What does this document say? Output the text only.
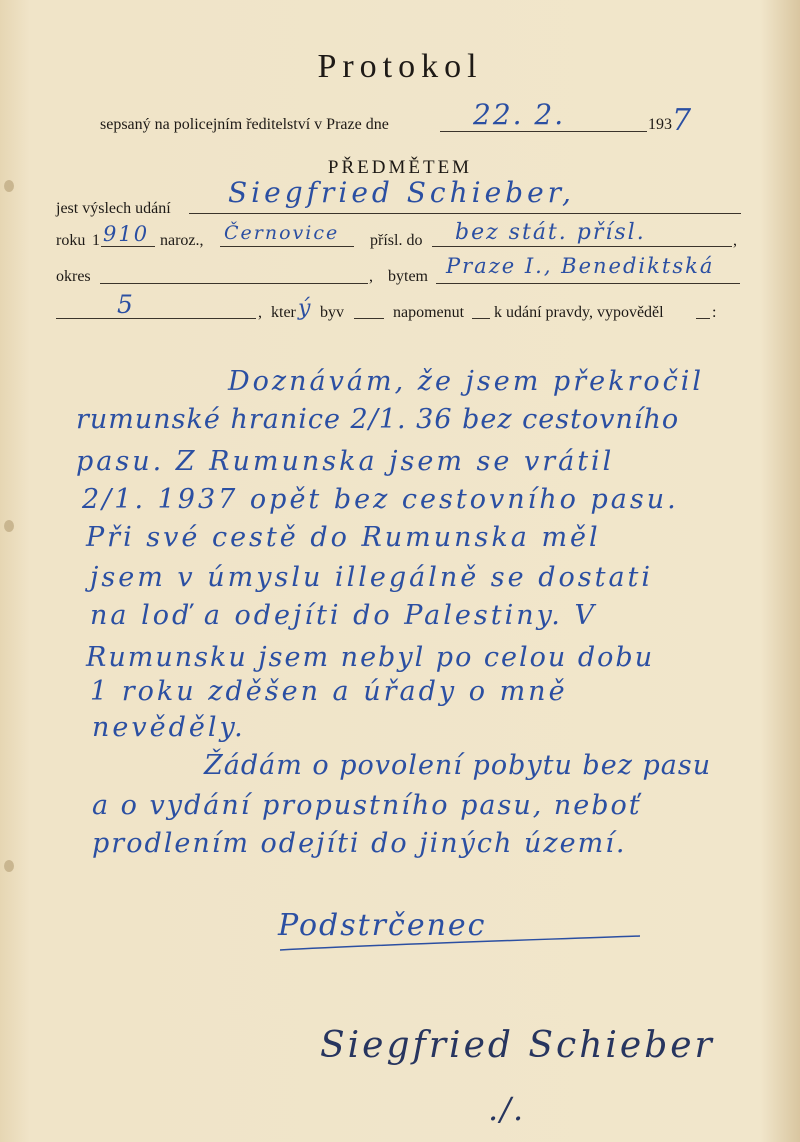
Protokol
sepsaný na policejním ředitelství v Praze dne	22. 2.	193 7
PŘEDMĚTEM
jest výslech udání Siegfried Schieber,
roku 1 910 naroz., Černovice přísl. do bez stát. přísl.	,
okres	, bytem Praze I., Benediktská
5	, kter ý byv	napomenut k udání pravdy, vypověděl	:
Doznávám, že jsem překročil
rumunské hranice 2/1. 36 bez cestovního
pasu. Z Rumunska jsem se vrátil
2/1. 1937 opět bez cestovního pasu.
Při své cestě do Rumunska měl
jsem v úmyslu illegálně se dostati
na loď a odejíti do Palestiny. V
Rumunsku jsem nebyl po celou dobu
1 roku zděšen a úřady o mně
nevěděly.
Žádám o povolení pobytu bez pasu
a o vydání propustního pasu, neboť
prodlením odejíti do jiných území.
Podstrčenec
Siegfried Schieber
./.
